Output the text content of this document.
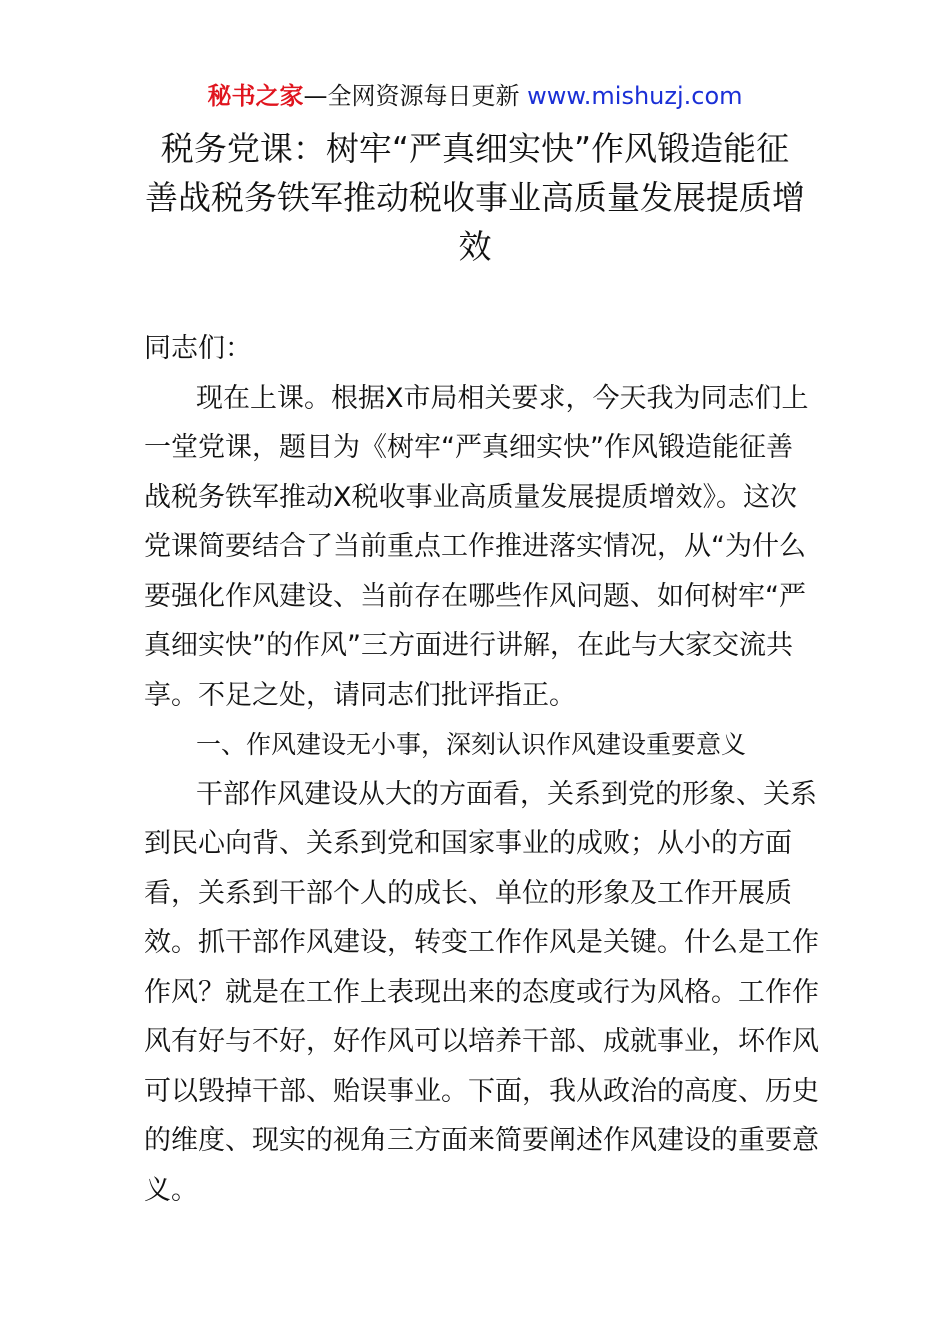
秘书之家—全网资源每日更新 www.mishuzj.com
税务党课：树牢“严真细实快”作风锻造能征
善战税务铁军推动税收事业高质量发展提质增
效
同志们：
现在上课。根据X市局相关要求，今天我为同志们上
一堂党课，题目为《树牢“严真细实快”作风锻造能征善
战税务铁军推动X税收事业高质量发展提质增效》。这次
党课简要结合了当前重点工作推进落实情况，从“为什么
要强化作风建设、当前存在哪些作风问题、如何树牢“严
真细实快”的作风”三方面进行讲解，在此与大家交流共
享。不足之处，请同志们批评指正。
一、作风建设无小事，深刻认识作风建设重要意义
干部作风建设从大的方面看，关系到党的形象、关系
到民心向背、关系到党和国家事业的成败；从小的方面
看，关系到干部个人的成长、单位的形象及工作开展质
效。抓干部作风建设，转变工作作风是关键。什么是工作
作风？就是在工作上表现出来的态度或行为风格。工作作
风有好与不好，好作风可以培养干部、成就事业，坏作风
可以毁掉干部、贻误事业。下面，我从政治的高度、历史
的维度、现实的视角三方面来简要阐述作风建设的重要意
义。
